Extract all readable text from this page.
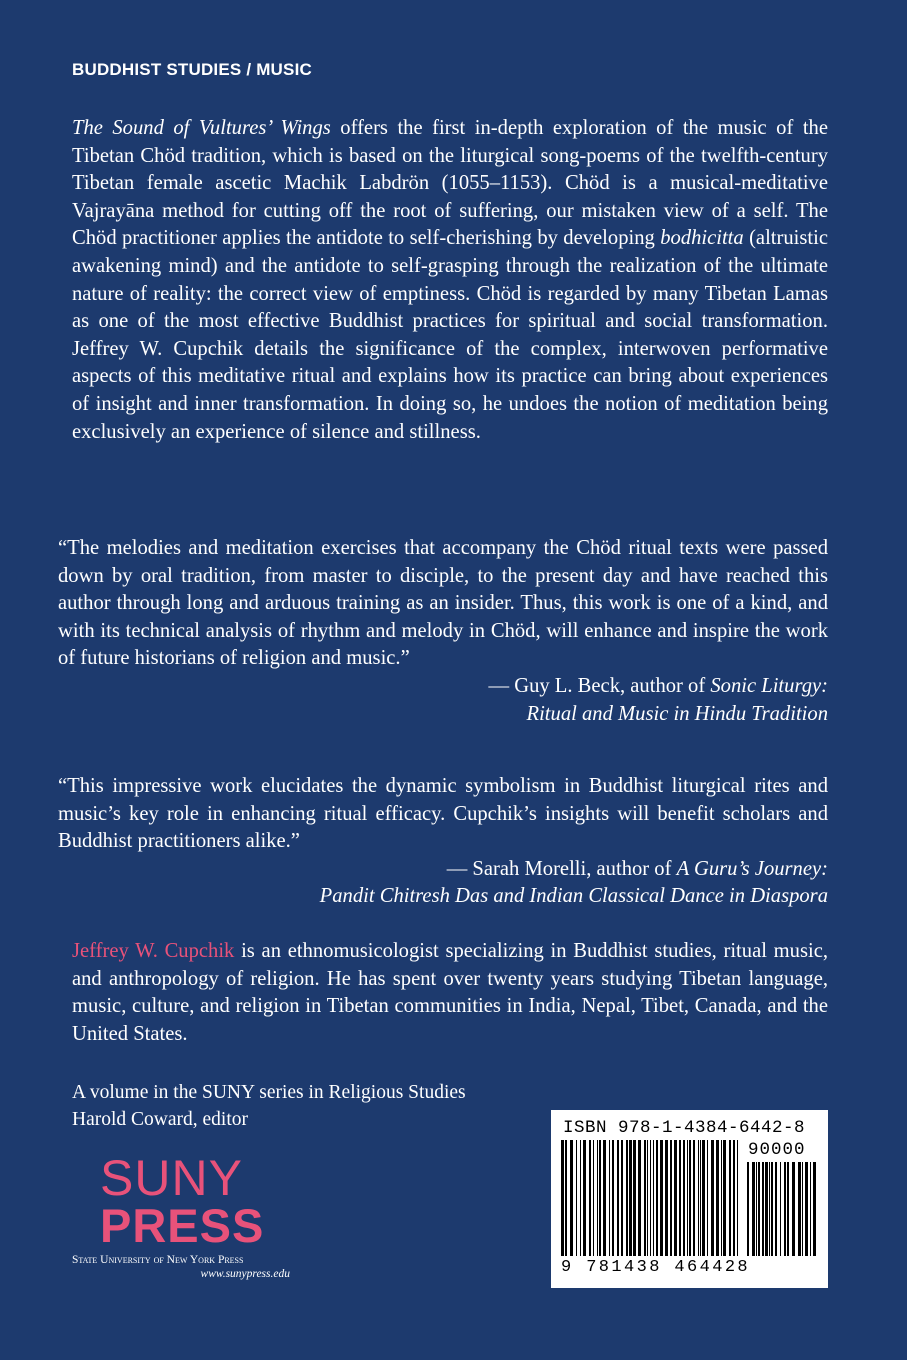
BUDDHIST STUDIES / MUSIC
The Sound of Vultures’ Wings offers the first in-depth exploration of the music of the Tibetan Chöd tradition, which is based on the liturgical song-poems of the twelfth-century Tibetan female ascetic Machik Labdrön (1055–1153). Chöd is a musical-meditative Vajrayāna method for cutting off the root of suffering, our mistaken view of a self. The Chöd practitioner applies the antidote to self-cherishing by developing bodhicitta (altruistic awakening mind) and the antidote to self-grasping through the realization of the ultimate nature of reality: the correct view of emptiness. Chöd is regarded by many Tibetan Lamas as one of the most effective Buddhist practices for spiritual and social transformation. Jeffrey W. Cupchik details the significance of the complex, interwoven performative aspects of this meditative ritual and explains how its practice can bring about experiences of insight and inner transformation. In doing so, he undoes the notion of meditation being exclusively an experience of silence and stillness.
“The melodies and meditation exercises that accompany the Chöd ritual texts were passed down by oral tradition, from master to disciple, to the present day and have reached this author through long and arduous training as an insider. Thus, this work is one of a kind, and with its technical analysis of rhythm and melody in Chöd, will enhance and inspire the work of future historians of religion and music.”
— Guy L. Beck, author of Sonic Liturgy:
Ritual and Music in Hindu Tradition
“This impressive work elucidates the dynamic symbolism in Buddhist liturgical rites and music’s key role in enhancing ritual efficacy. Cupchik’s insights will benefit scholars and Buddhist practitioners alike.”
— Sarah Morelli, author of A Guru’s Journey:
Pandit Chitresh Das and Indian Classical Dance in Diaspora
Jeffrey W. Cupchik is an ethnomusicologist specializing in Buddhist studies, ritual music, and anthropology of religion. He has spent over twenty years studying Tibetan language, music, culture, and religion in Tibetan communities in India, Nepal, Tibet, Canada, and the United States.
A volume in the SUNY series in Religious Studies
Harold Coward, editor
SUNY
PRESS
State University of New York Press
www.sunypress.edu
ISBN 978-1-4384-6442-8
90000
9 781438 464428
